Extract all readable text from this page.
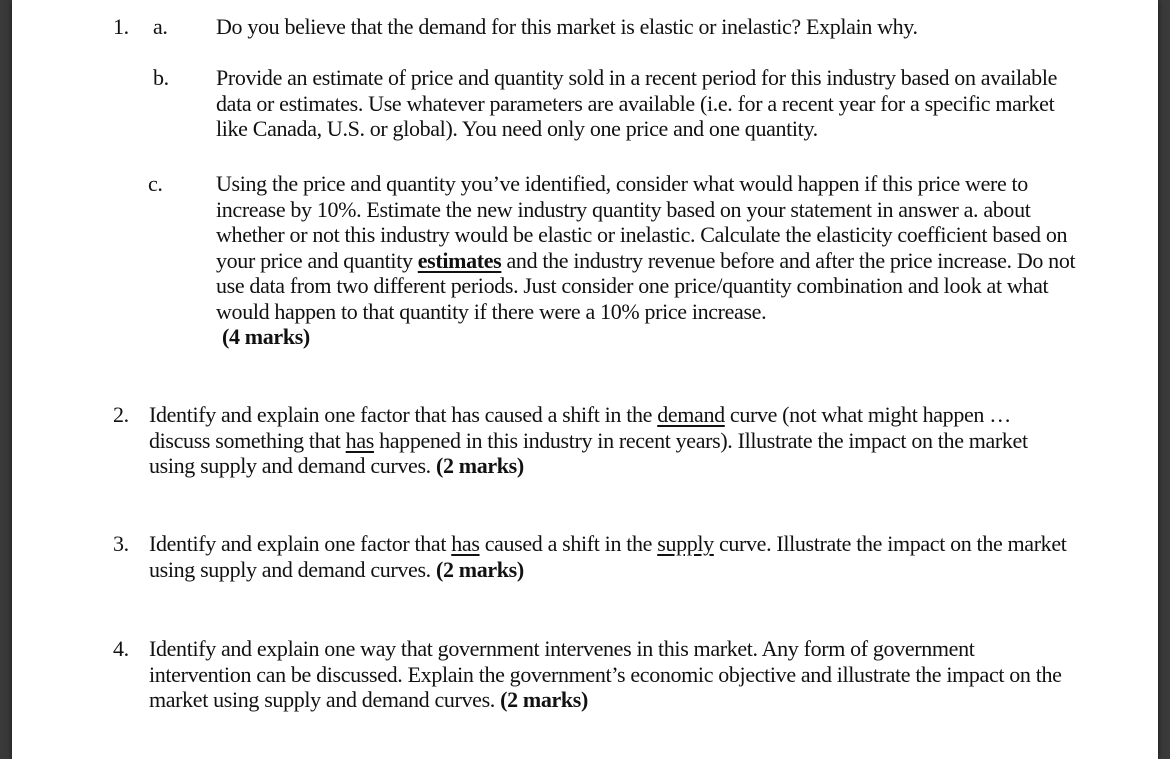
1. a. Do you believe that the demand for this market is elastic or inelastic? Explain why.
b. Provide an estimate of price and quantity sold in a recent period for this industry based on available data or estimates. Use whatever parameters are available (i.e. for a recent year for a specific market like Canada, U.S. or global). You need only one price and one quantity.
c. Using the price and quantity you’ve identified, consider what would happen if this price were to increase by 10%. Estimate the new industry quantity based on your statement in answer a. about whether or not this industry would be elastic or inelastic. Calculate the elasticity coefficient based on your price and quantity estimates and the industry revenue before and after the price increase. Do not use data from two different periods. Just consider one price/quantity combination and look at what would happen to that quantity if there were a 10% price increase.
(4 marks)
2. Identify and explain one factor that has caused a shift in the demand curve (not what might happen … discuss something that has happened in this industry in recent years). Illustrate the impact on the market using supply and demand curves. (2 marks)
3. Identify and explain one factor that has caused a shift in the supply curve. Illustrate the impact on the market using supply and demand curves. (2 marks)
4. Identify and explain one way that government intervenes in this market. Any form of government intervention can be discussed. Explain the government’s economic objective and illustrate the impact on the market using supply and demand curves. (2 marks)
